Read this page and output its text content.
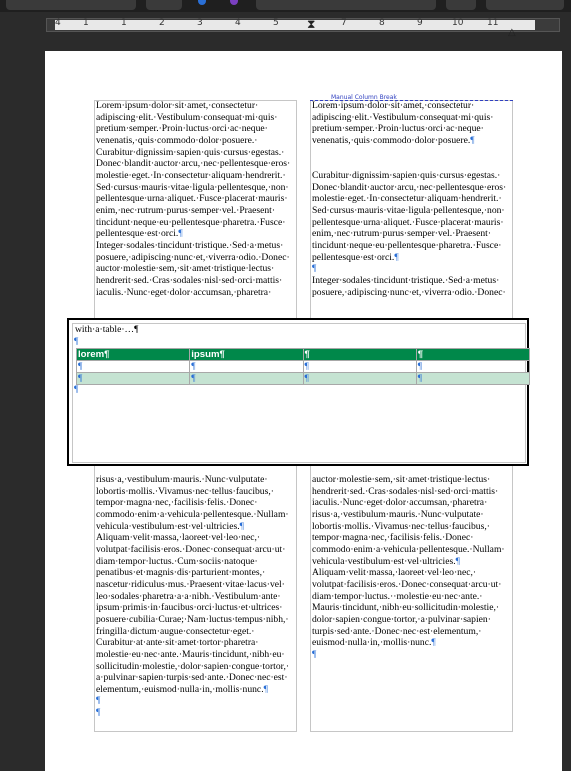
4 1	1	2	3	4	5	7	8	9	10	11
⧗
△
Manual Column Break
Lorem·ipsum·dolor·sit·amet,·consectetur·
adipiscing·elit.·Vestibulum·consequat·mi·quis·
pretium·semper.·Proin·luctus·orci·ac·neque·
venenatis,·quis·commodo·dolor·posuere.·
Curabitur·dignissim·sapien·quis·cursus·egestas.·
Donec·blandit·auctor·arcu,·nec·pellentesque·eros·
molestie·eget.·In·consectetur·aliquam·hendrerit.·
Sed·cursus·mauris·vitae·ligula·pellentesque,·non·
pellentesque·urna·aliquet.·Fusce·placerat·mauris·
enim,·nec·rutrum·purus·semper·vel.·Praesent·
tincidunt·neque·eu·pellentesque·pharetra.·Fusce·
pellentesque·est·orci.¶
Integer·sodales·tincidunt·tristique.·Sed·a·metus·
posuere,·adipiscing·nunc·et,·viverra·odio.·Donec·
auctor·molestie·sem,·sit·amet·tristique·lectus·
hendrerit·sed.·Cras·sodales·nisl·sed·orci·mattis·
iaculis.·Nunc·eget·dolor·accumsan,·pharetra·
Lorem·ipsum·dolor·sit·amet,·consectetur·
adipiscing·elit.·Vestibulum·consequat·mi·quis·
pretium·semper.·Proin·luctus·orci·ac·neque·
venenatis,·quis·commodo·dolor·posuere.¶

Curabitur·dignissim·sapien·quis·cursus·egestas.·
Donec·blandit·auctor·arcu,·nec·pellentesque·eros·
molestie·eget.·In·consectetur·aliquam·hendrerit.·
Sed·cursus·mauris·vitae·ligula·pellentesque,·non·
pellentesque·urna·aliquet.·Fusce·placerat·mauris·
enim,·nec·rutrum·purus·semper·vel.·Praesent·
tincidunt·neque·eu·pellentesque·pharetra.·Fusce·
pellentesque·est·orci.¶
¶
Integer·sodales·tincidunt·tristique.·Sed·a·metus·
posuere,·adipiscing·nunc·et,·viverra·odio.·Donec·
risus·a,·vestibulum·mauris.·Nunc·vulputate·
lobortis·mollis.·Vivamus·nec·tellus·faucibus,·
tempor·magna·nec,·facilisis·felis.·Donec·
commodo·enim·a·vehicula·pellentesque.·Nullam·
vehicula·vestibulum·est·vel·ultricies.¶
Aliquam·velit·massa,·laoreet·vel·leo·nec,·
volutpat·facilisis·eros.·Donec·consequat·arcu·ut·
diam·tempor·luctus.·Cum·sociis·natoque·
penatibus·et·magnis·dis·parturient·montes,·
nascetur·ridiculus·mus.·Praesent·vitae·lacus·vel·
leo·sodales·pharetra·a·a·nibh.·Vestibulum·ante·
ipsum·primis·in·faucibus·orci·luctus·et·ultrices·
posuere·cubilia·Curae;·Nam·luctus·tempus·nibh,·
fringilla·dictum·augue·consectetur·eget.·
Curabitur·at·ante·sit·amet·tortor·pharetra·
molestie·eu·nec·ante.·Mauris·tincidunt,·nibh·eu·
sollicitudin·molestie,·dolor·sapien·congue·tortor,·
a·pulvinar·sapien·turpis·sed·ante.·Donec·nec·est·
elementum,·euismod·nulla·in,·mollis·nunc.¶
¶
¶
auctor·molestie·sem,·sit·amet·tristique·lectus·
hendrerit·sed.·Cras·sodales·nisl·sed·orci·mattis·
iaculis.·Nunc·eget·dolor·accumsan,·pharetra·
risus·a,·vestibulum·mauris.·Nunc·vulputate·
lobortis·mollis.·Vivamus·nec·tellus·faucibus,·
tempor·magna·nec,·facilisis·felis.·Donec·
commodo·enim·a·vehicula·pellentesque.·Nullam·
vehicula·vestibulum·est·vel·ultricies.¶
Aliquam·velit·massa,·laoreet·vel·leo·nec,·
volutpat·facilisis·eros.·Donec·consequat·arcu·ut·
diam·tempor·luctus.··molestie·eu·nec·ante.·
Mauris·tincidunt,·nibh·eu·sollicitudin·molestie,·
dolor·sapien·congue·tortor,·a·pulvinar·sapien·
turpis·sed·ante.·Donec·nec·est·elementum,·
euismod·nulla·in,·mollis·nunc.¶
¶
with·a·table·…¶
¶
lorem¶	ipsum¶	¶	¶
¶	¶	¶	¶
¶	¶	¶	¶
¶
